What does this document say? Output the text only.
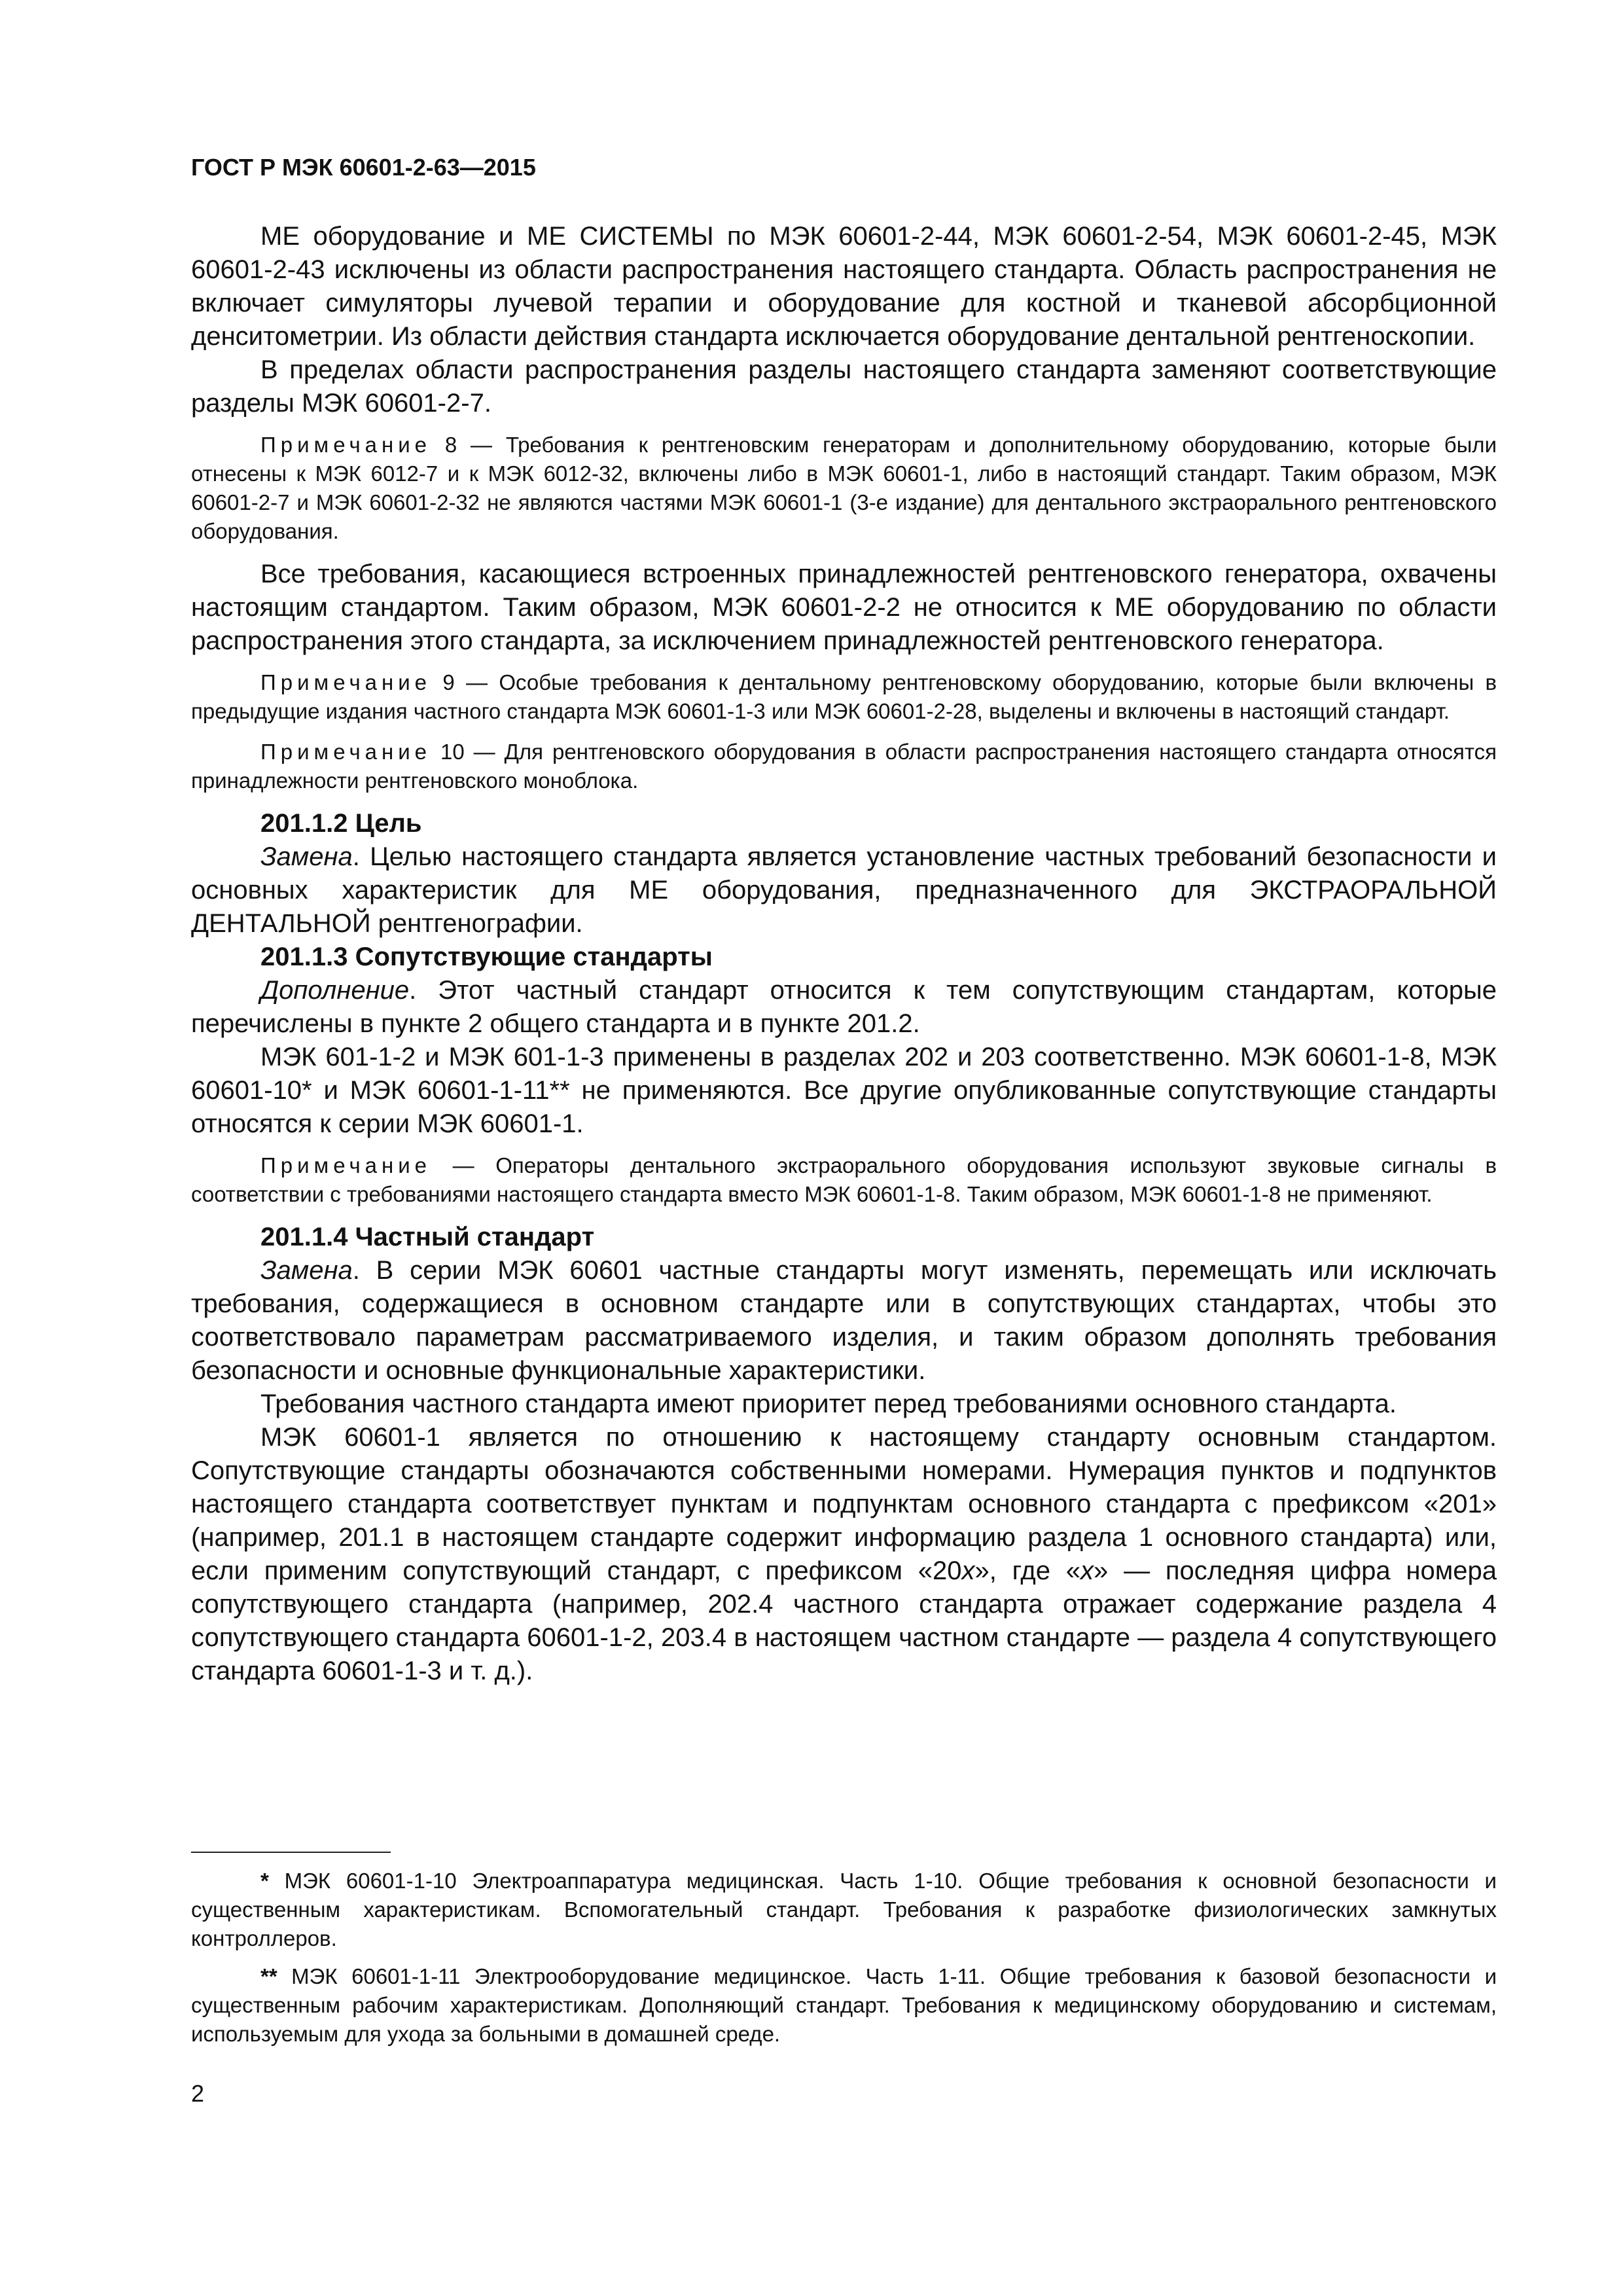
ГОСТ Р МЭК 60601-2-63—2015

МЕ оборудование и МЕ СИСТЕМЫ по МЭК 60601-2-44, МЭК 60601-2-54, МЭК 60601-2-45, МЭК 60601-2-43 исключены из области распространения настоящего стандарта. Область распространения не включает симуляторы лучевой терапии и оборудование для костной и тканевой абсорбционной денситометрии. Из области действия стандарта исключается оборудование дентальной рентгеноскопии.

В пределах области распространения разделы настоящего стандарта заменяют соответствующие разделы МЭК 60601-2-7.

Примечание 8 — Требования к рентгеновским генераторам и дополнительному оборудованию, которые были отнесены к МЭК 6012-7 и к МЭК 6012-32, включены либо в МЭК 60601-1, либо в настоящий стандарт. Таким образом, МЭК 60601-2-7 и МЭК 60601-2-32 не являются частями МЭК 60601-1 (3-е издание) для дентального экстраорального рентгеновского оборудования.

Все требования, касающиеся встроенных принадлежностей рентгеновского генератора, охвачены настоящим стандартом. Таким образом, МЭК 60601-2-2 не относится к МЕ оборудованию по области распространения этого стандарта, за исключением принадлежностей рентгеновского генератора.

Примечание 9 — Особые требования к дентальному рентгеновскому оборудованию, которые были включены в предыдущие издания частного стандарта МЭК 60601-1-3 или МЭК 60601-2-28, выделены и включены в настоящий стандарт.

Примечание 10 — Для рентгеновского оборудования в области распространения настоящего стандарта относятся принадлежности рентгеновского моноблока.

201.1.2 Цель

Замена. Целью настоящего стандарта является установление частных требований безопасности и основных характеристик для МЕ оборудования, предназначенного для ЭКСТРАОРАЛЬНОЙ ДЕНТАЛЬНОЙ рентгенографии.

201.1.3 Сопутствующие стандарты

Дополнение. Этот частный стандарт относится к тем сопутствующим стандартам, которые перечислены в пункте 2 общего стандарта и в пункте 201.2.

МЭК 601-1-2 и МЭК 601-1-3 применены в разделах 202 и 203 соответственно. МЭК 60601-1-8, МЭК 60601-10* и МЭК 60601-1-11** не применяются. Все другие опубликованные сопутствующие стандарты относятся к серии МЭК 60601-1.

Примечание — Операторы дентального экстраорального оборудования используют звуковые сигналы в соответствии с требованиями настоящего стандарта вместо МЭК 60601-1-8. Таким образом, МЭК 60601-1-8 не применяют.

201.1.4 Частный стандарт

Замена. В серии МЭК 60601 частные стандарты могут изменять, перемещать или исключать требования, содержащиеся в основном стандарте или в сопутствующих стандартах, чтобы это соответствовало параметрам рассматриваемого изделия, и таким образом дополнять требования безопасности и основные функциональные характеристики.

Требования частного стандарта имеют приоритет перед требованиями основного стандарта.

МЭК 60601-1 является по отношению к настоящему стандарту основным стандартом. Сопутствующие стандарты обозначаются собственными номерами. Нумерация пунктов и подпунктов настоящего стандарта соответствует пунктам и подпунктам основного стандарта с префиксом «201» (например, 201.1 в настоящем стандарте содержит информацию раздела 1 основного стандарта) или, если применим сопутствующий стандарт, с префиксом «20х», где «х» — последняя цифра номера сопутствующего стандарта (например, 202.4 частного стандарта отражает содержание раздела 4 сопутствующего стандарта 60601-1-2, 203.4 в настоящем частном стандарте — раздела 4 сопутствующего стандарта 60601-1-3 и т. д.).

* МЭК 60601-1-10 Электроаппаратура медицинская. Часть 1-10. Общие требования к основной безопасности и существенным характеристикам. Вспомогательный стандарт. Требования к разработке физиологических замкнутых контроллеров.

** МЭК 60601-1-11 Электрооборудование медицинское. Часть 1-11. Общие требования к базовой безопасности и существенным рабочим характеристикам. Дополняющий стандарт. Требования к медицинскому оборудованию и системам, используемым для ухода за больными в домашней среде.

2
